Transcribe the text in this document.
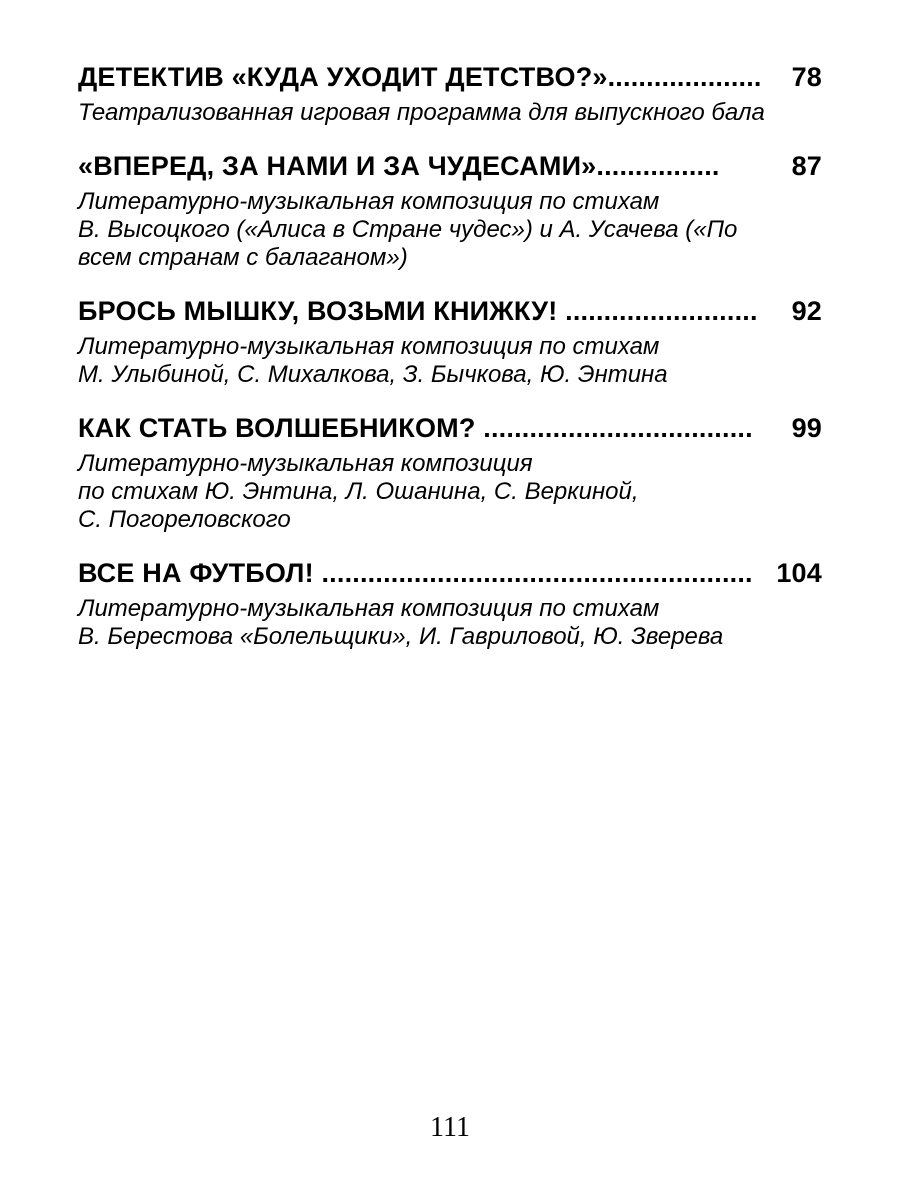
ДЕТЕКТИВ «КУДА УХОДИТ ДЕТСТВО?» ....................	78
Театрализованная игровая программа для выпускного бала
«ВПЕРЕД, ЗА НАМИ И ЗА ЧУДЕСАМИ» ................	87
Литературно-музыкальная композиция по стихам
В. Высоцкого («Алиса в Стране чудес») и А. Усачева («По
всем странам с балаганом»)
БРОСЬ МЫШКУ, ВОЗЬМИ КНИЖКУ! .........................	92
Литературно-музыкальная композиция по стихам
М. Улыбиной, С. Михалкова, З. Бычкова, Ю. Энтина
КАК СТАТЬ ВОЛШЕБНИКОМ? ...................................	99
Литературно-музыкальная композиция
по стихам Ю. Энтина, Л. Ошанина, С. Веркиной,
С. Погореловского
ВСЕ НА ФУТБОЛ! ........................................................ 104
Литературно-музыкальная композиция по стихам
В. Берестова «Болельщики», И. Гавриловой, Ю. Зверева
111
